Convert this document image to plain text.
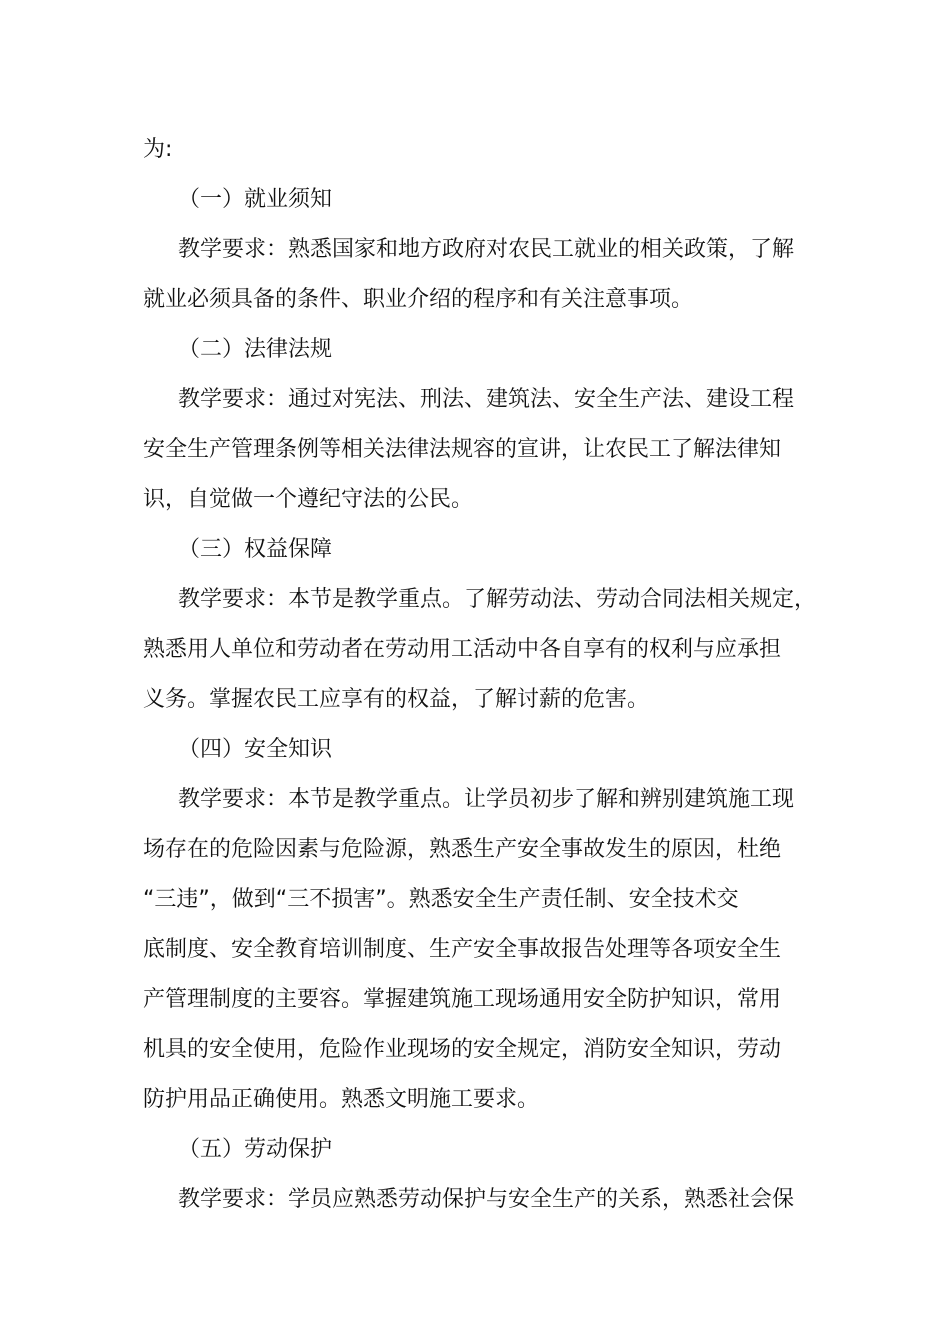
为:
（一）就业须知
教学要求：熟悉国家和地方政府对农民工就业的相关政策，了解
就业必须具备的条件、职业介绍的程序和有关注意事项。
（二）法律法规
教学要求：通过对宪法、刑法、建筑法、安全生产法、建设工程
安全生产管理条例等相关法律法规容的宣讲，让农民工了解法律知
识，自觉做一个遵纪守法的公民。
（三）权益保障
教学要求：本节是教学重点。了解劳动法、劳动合同法相关规定，
熟悉用人单位和劳动者在劳动用工活动中各自享有的权利与应承担
义务。掌握农民工应享有的权益，了解讨薪的危害。
（四）安全知识
教学要求：本节是教学重点。让学员初步了解和辨别建筑施工现
场存在的危险因素与危险源，熟悉生产安全事故发生的原因，杜绝
“三违”，做到“三不损害”。熟悉安全生产责任制、安全技术交
底制度、安全教育培训制度、生产安全事故报告处理等各项安全生
产管理制度的主要容。掌握建筑施工现场通用安全防护知识，常用
机具的安全使用，危险作业现场的安全规定，消防安全知识，劳动
防护用品正确使用。熟悉文明施工要求。
（五）劳动保护
教学要求：学员应熟悉劳动保护与安全生产的关系，熟悉社会保
